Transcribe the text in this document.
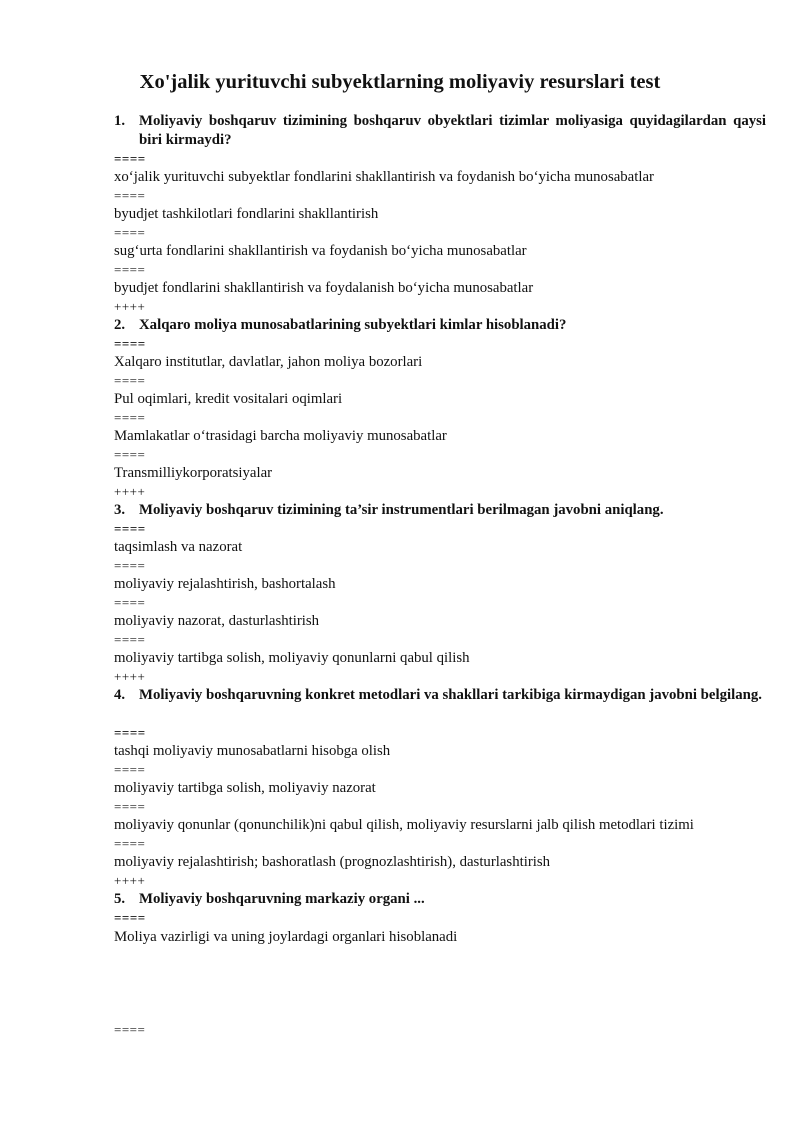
Xo'jalik yurituvchi subyektlarning moliyaviy resurslari test
1. Moliyaviy boshqaruv tizimining boshqaruv obyektlari tizimlar moliyasiga quyidagilardan qaysi biri kirmaydi?
====
xo‘jalik yurituvchi subyektlar fondlarini shakllantirish va foydanish bo‘yicha munosabatlar
====
byudjet tashkilotlari fondlarini shakllantirish
====
sug‘urta fondlarini shakllantirish va foydanish bo‘yicha munosabatlar
====
byudjet fondlarini shakllantirish va foydalanish bo‘yicha munosabatlar
++++
2. Xalqaro moliya munosabatlarining subyektlari kimlar hisoblanadi?
====
Xalqaro institutlar, davlatlar, jahon moliya bozorlari
====
Pul oqimlari, kredit vositalari oqimlari
====
Mamlakatlar o‘trasidagi barcha moliyaviy munosabatlar
====
Transmilliykorporatsiyalar
++++
3. Moliyaviy boshqaruv tizimining ta’sir instrumentlari berilmagan javobni aniqlang.
====
taqsimlash va nazorat
====
moliyaviy rejalashtirish, bashortalash
====
moliyaviy nazorat, dasturlashtirish
====
moliyaviy tartibga solish, moliyaviy qonunlarni qabul qilish
++++
4. Moliyaviy boshqaruvning konkret metodlari va shakllari tarkibiga kirmaydigan javobni belgilang.
====
tashqi moliyaviy munosabatlarni hisobga olish
====
moliyaviy tartibga solish, moliyaviy nazorat
====
moliyaviy qonunlar (qonunchilik)ni qabul qilish, moliyaviy resurslarni jalb qilish metodlari tizimi
====
moliyaviy rejalashtirish; bashoratlash (prognozlashtirish), dasturlashtirish
++++
5. Moliyaviy boshqaruvning markaziy organi ...
====
Moliya vazirligi va uning joylardagi organlari hisoblanadi
====
